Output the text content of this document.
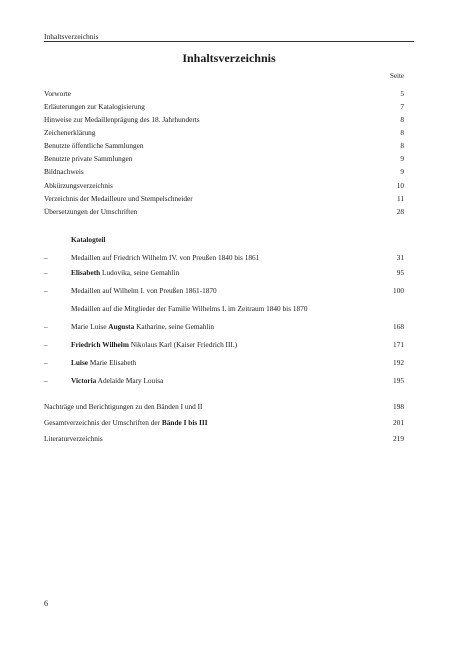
Inhaltsverzeichnis
Inhaltsverzeichnis
Seite
Vorworte	5
Erläuterungen zur Katalogisierung	7
Hinweise zur Medaillenprägung des 18. Jahrhunderts	8
Zeichenerklärung	8
Benutzte öffentliche Sammlungen	8
Benutzte private Sammlungen	9
Bildnachweis	9
Abkürzungsverzeichnis	10
Verzeichnis der Medailleure und Stempelschneider	11
Übersetzungen der Umschriften	28
Katalogteil
–	Medaillen auf Friedrich Wilhelm IV. von Preußen 1840 bis 1861	31
–	Elisabeth Ludovika, seine Gemahlin	95
–	Medaillen auf Wilhelm I. von Preußen 1861-1870	100
Medaillen auf die Mitglieder der Familie Wilhelms I. im Zeitraum 1840 bis 1870
–	Marie Luise Augusta Katharine, seine Gemahlin	168
–	Friedrich Wilhelm Nikolaus Karl (Kaiser Friedrich III.)	171
–	Luise Marie Elisabeth	192
–	Victoria Adelaide Mary Louisa	195
Nachträge und Berichtigungen zu den Bänden I und II	198
Gesamtverzeichnis der Umschriften der Bände I bis III	201
Literaturverzeichnis	219
6
